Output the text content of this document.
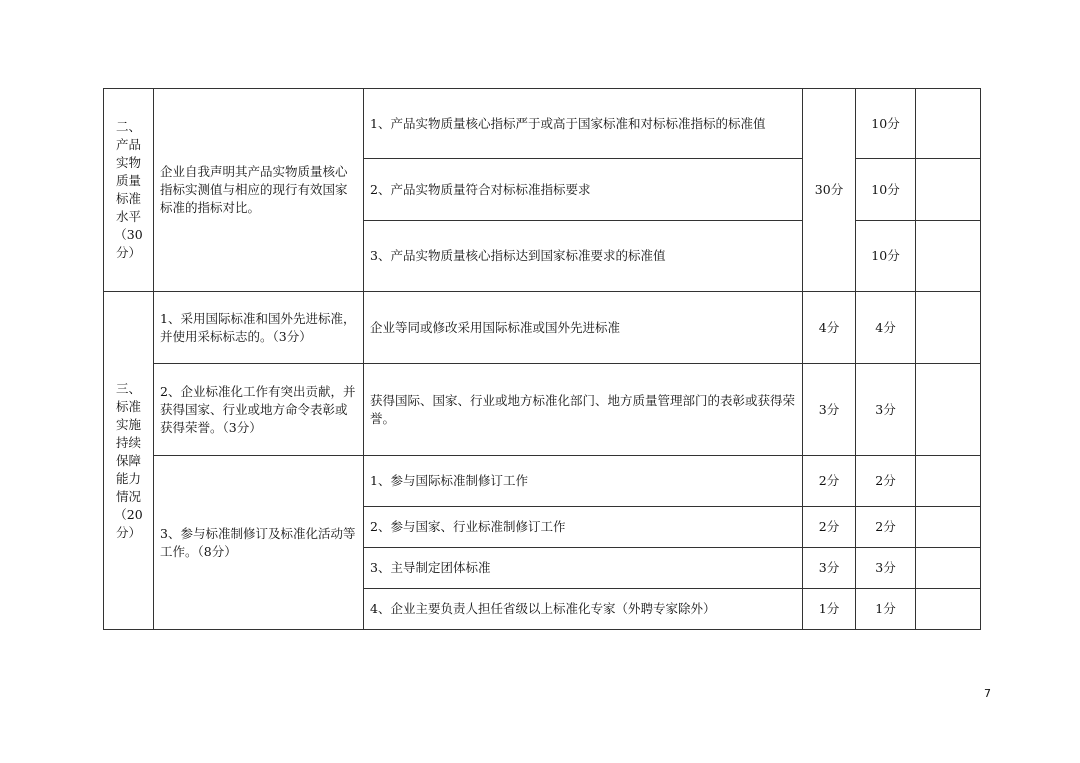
二、产品实物质量标准水平（30分）	企业自我声明其产品实物质量核心指标实测值与相应的现行有效国家标准的指标对比。	1、产品实物质量核心指标严于或高于国家标准和对标标准指标的标准值	30分	10分	
		2、产品实物质量符合对标标准指标要求		10分	
		3、产品实物质量核心指标达到国家标准要求的标准值		10分	
三、标准实施持续保障能力情况（20分）	1、采用国际标准和国外先进标准，并使用采标标志的。（3分）	企业等同或修改采用国际标准或国外先进标准	4分	4分	
	2、企业标准化工作有突出贡献，并获得国家、行业或地方命令表彰或获得荣誉。（3分）	获得国际、国家、行业或地方标准化部门、地方质量管理部门的表彰或获得荣誉。	3分	3分	
	3、参与标准制修订及标准化活动等工作。（8分）	1、参与国际标准制修订工作	2分	2分	
		2、参与国家、行业标准制修订工作	2分	2分	
		3、主导制定团体标准	3分	3分	
		4、企业主要负责人担任省级以上标准化专家（外聘专家除外）	1分	1分	
7
